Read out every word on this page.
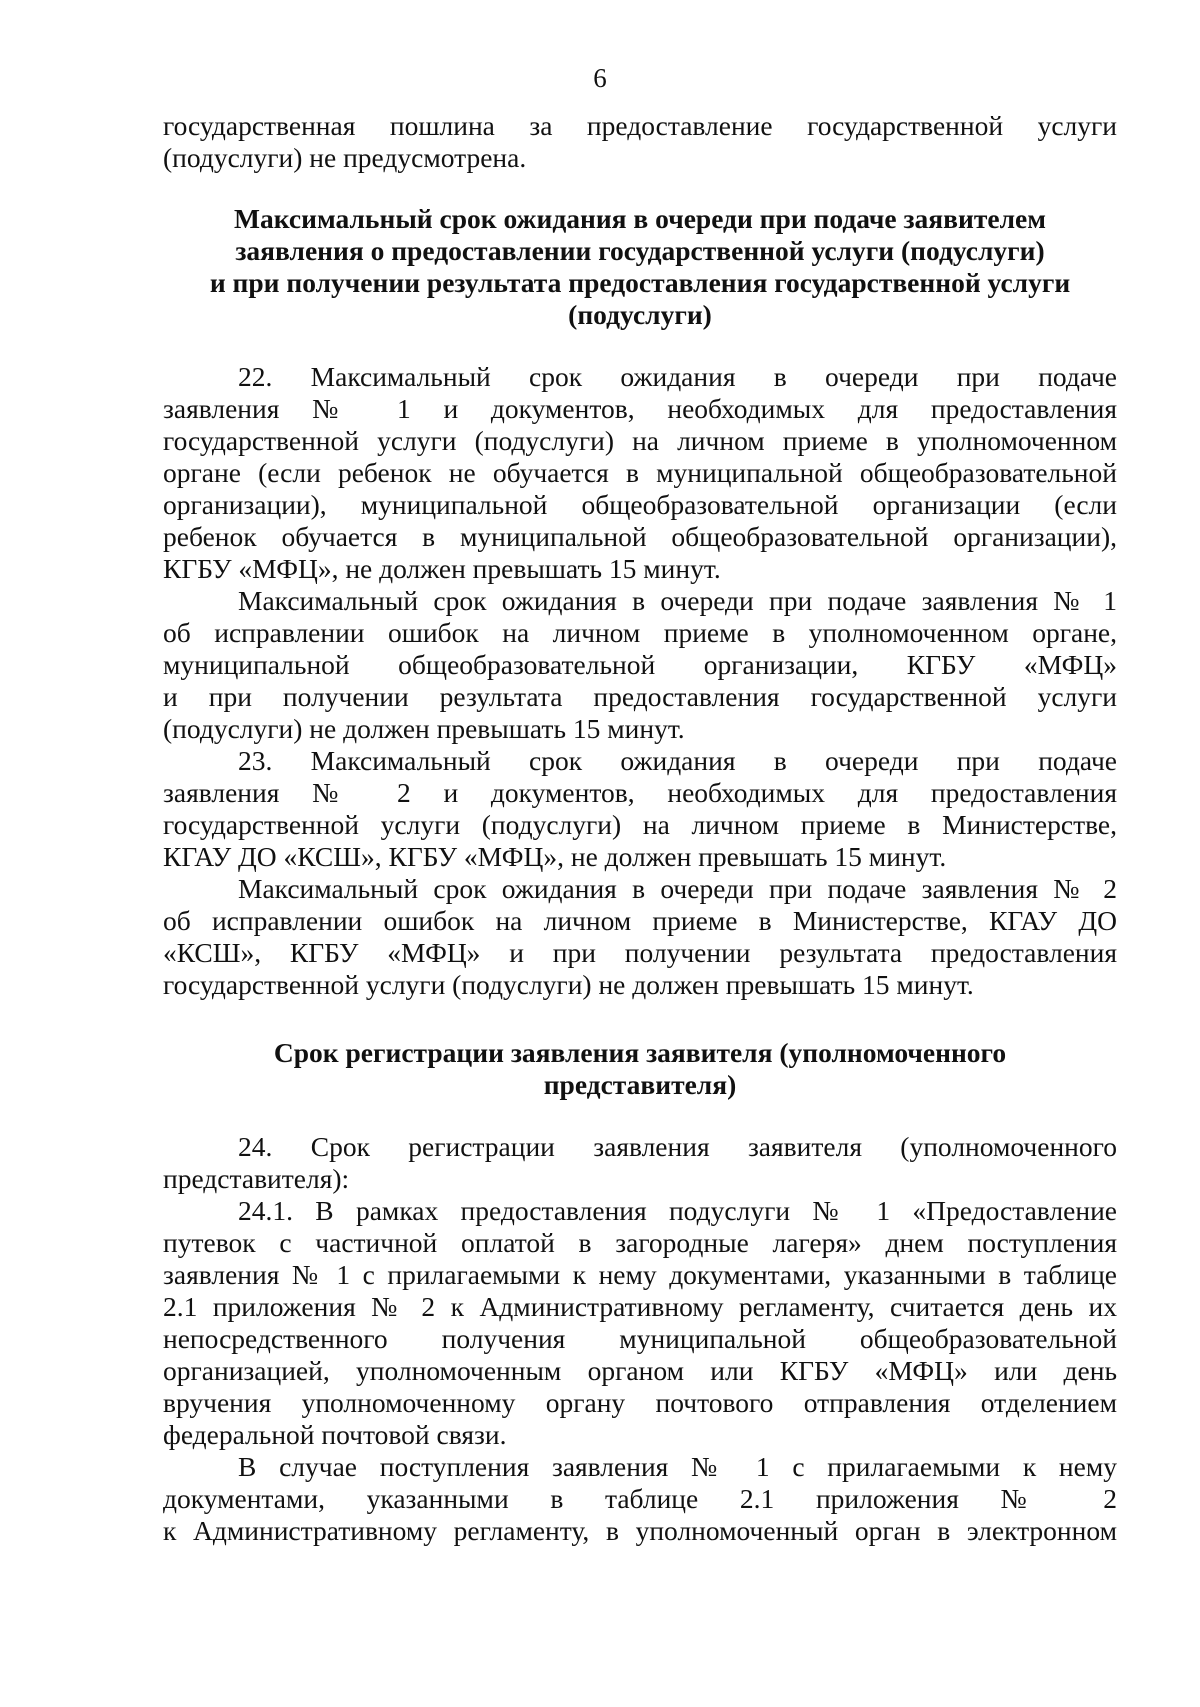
6
государственная пошлина за предоставление государственной услуги
(подуслуги) не предусмотрена.
Максимальный срок ожидания в очереди при подаче заявителем
заявления о предоставлении государственной услуги (подуслуги)
и при получении результата предоставления государственной услуги
(подуслуги)
22. Максимальный срок ожидания в очереди при подаче
заявления № 1 и документов, необходимых для предоставления
государственной услуги (подуслуги) на личном приеме в уполномоченном
органе (если ребенок не обучается в муниципальной общеобразовательной
организации), муниципальной общеобразовательной организации (если
ребенок обучается в муниципальной общеобразовательной организации),
КГБУ «МФЦ», не должен превышать 15 минут.
Максимальный срок ожидания в очереди при подаче заявления № 1
об исправлении ошибок на личном приеме в уполномоченном органе,
муниципальной общеобразовательной организации, КГБУ «МФЦ»
и при получении результата предоставления государственной услуги
(подуслуги) не должен превышать 15 минут.
23. Максимальный срок ожидания в очереди при подаче
заявления № 2 и документов, необходимых для предоставления
государственной услуги (подуслуги) на личном приеме в Министерстве,
КГАУ ДО «КСШ», КГБУ «МФЦ», не должен превышать 15 минут.
Максимальный срок ожидания в очереди при подаче заявления № 2
об исправлении ошибок на личном приеме в Министерстве, КГАУ ДО
«КСШ», КГБУ «МФЦ» и при получении результата предоставления
государственной услуги (подуслуги) не должен превышать 15 минут.
Срок регистрации заявления заявителя (уполномоченного
представителя)
24. Срок регистрации заявления заявителя (уполномоченного
представителя):
24.1. В рамках предоставления подуслуги № 1 «Предоставление
путевок с частичной оплатой в загородные лагеря» днем поступления
заявления № 1 с прилагаемыми к нему документами, указанными в таблице
2.1 приложения № 2 к Административному регламенту, считается день их
непосредственного получения муниципальной общеобразовательной
организацией, уполномоченным органом или КГБУ «МФЦ» или день
вручения уполномоченному органу почтового отправления отделением
федеральной почтовой связи.
В случае поступления заявления № 1 с прилагаемыми к нему
документами, указанными в таблице 2.1 приложения № 2
к Административному регламенту, в уполномоченный орган в электронном
